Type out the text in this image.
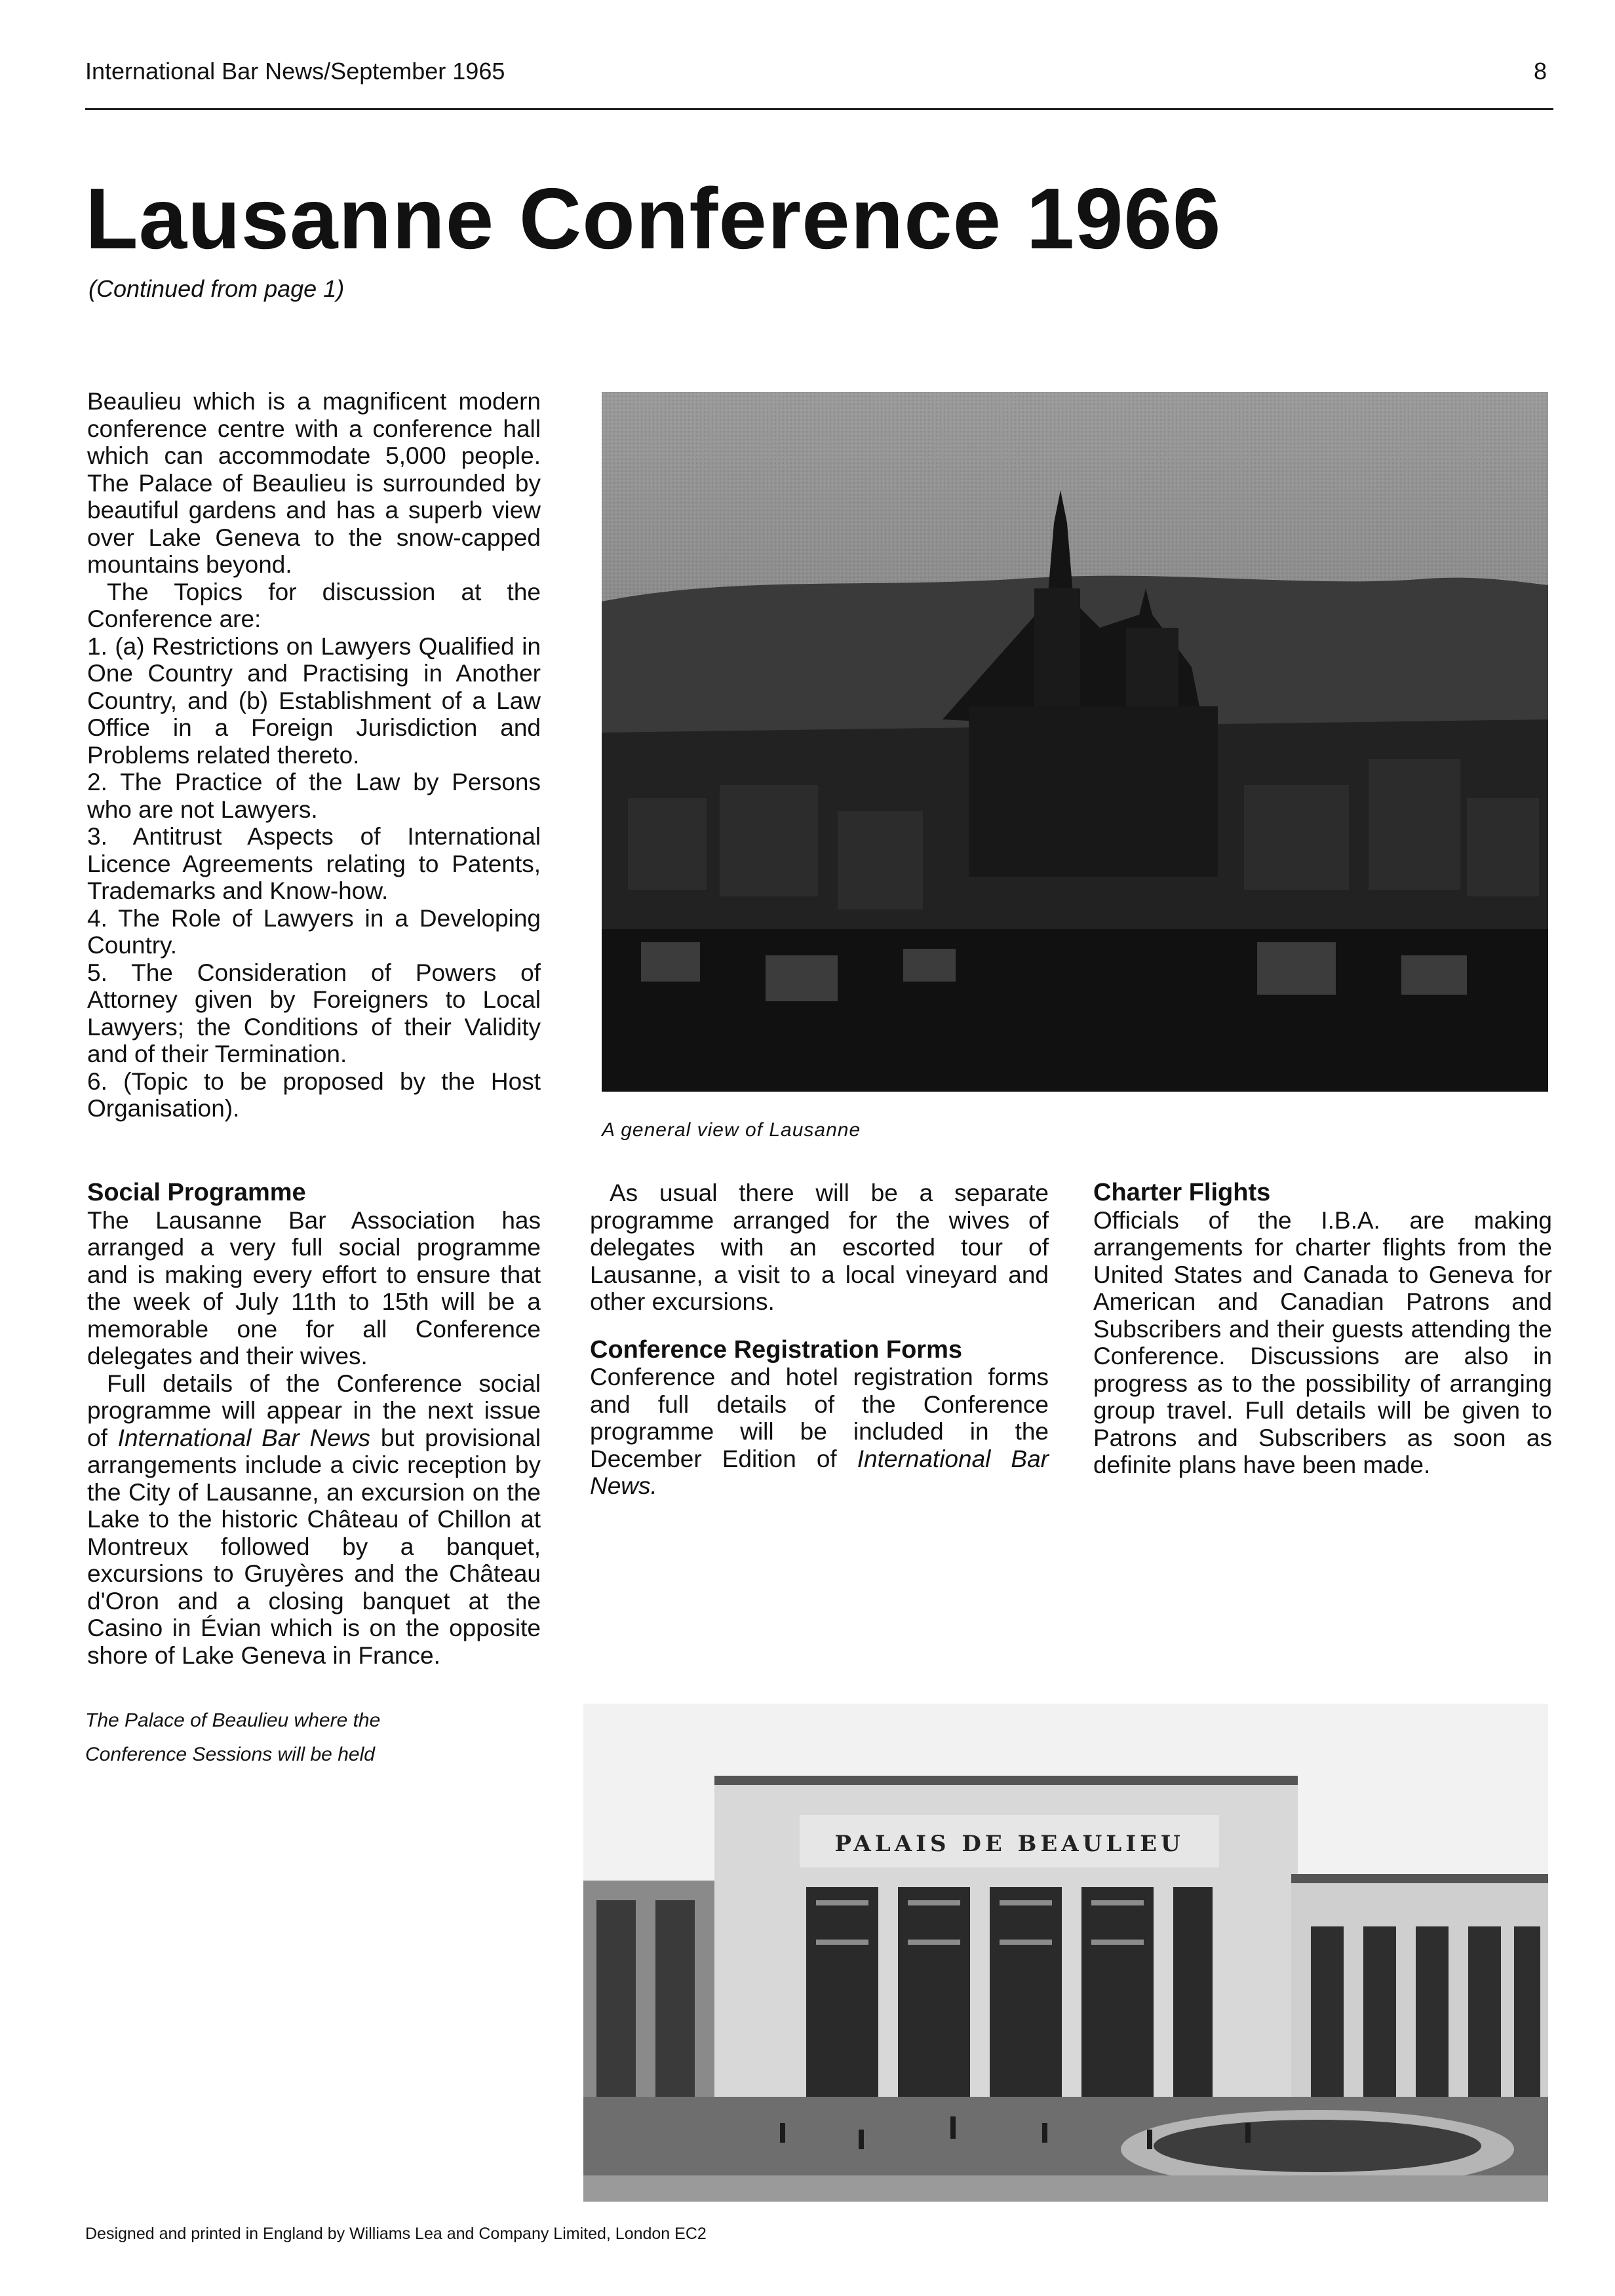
International Bar News/September 1965	8
Lausanne Conference 1966
(Continued from page 1)

Beaulieu which is a magnificent modern conference centre with a conference hall which can accommodate 5,000 people. The Palace of Beaulieu is surrounded by beautiful gardens and has a superb view over Lake Geneva to the snow-capped mountains beyond.

The Topics for discussion at the Conference are:

1. (a) Restrictions on Lawyers Qualified in One Country and Practising in Another Country, and (b) Establishment of a Law Office in a Foreign Jurisdiction and Problems related thereto.

2. The Practice of the Law by Persons who are not Lawyers.

3. Antitrust Aspects of International Licence Agreements relating to Patents, Trademarks and Know-how.

4. The Role of Lawyers in a Developing Country.

5. The Consideration of Powers of Attorney given by Foreigners to Local Lawyers; the Conditions of their Validity and of their Termination.

6. (Topic to be proposed by the Host Organisation).

A general view of Lausanne
Social Programme

The Lausanne Bar Association has arranged a very full social programme and is making every effort to ensure that the week of July 11th to 15th will be a memorable one for all Conference delegates and their wives.

Full details of the Conference social programme will appear in the next issue of International Bar News but provisional arrangements include a civic reception by the City of Lausanne, an excursion on the Lake to the historic Château of Chillon at Montreux followed by a banquet, excursions to Gruyères and the Château d'Oron and a closing banquet at the Casino in Évian which is on the opposite shore of Lake Geneva in France.

As usual there will be a separate programme arranged for the wives of delegates with an escorted tour of Lausanne, a visit to a local vineyard and other excursions.

Conference Registration Forms

Conference and hotel registration forms and full details of the Conference programme will be included in the December Edition of International Bar News.

Charter Flights

Officials of the I.B.A. are making arrangements for charter flights from the United States and Canada to Geneva for American and Canadian Patrons and Subscribers and their guests attending the Conference. Discussions are also in progress as to the possibility of arranging group travel. Full details will be given to Patrons and Subscribers as soon as definite plans have been made.

The Palace of Beaulieu where the Conference Sessions will be held
PALAIS DE BEAULIEU
Designed and printed in England by Williams Lea and Company Limited, London EC2
